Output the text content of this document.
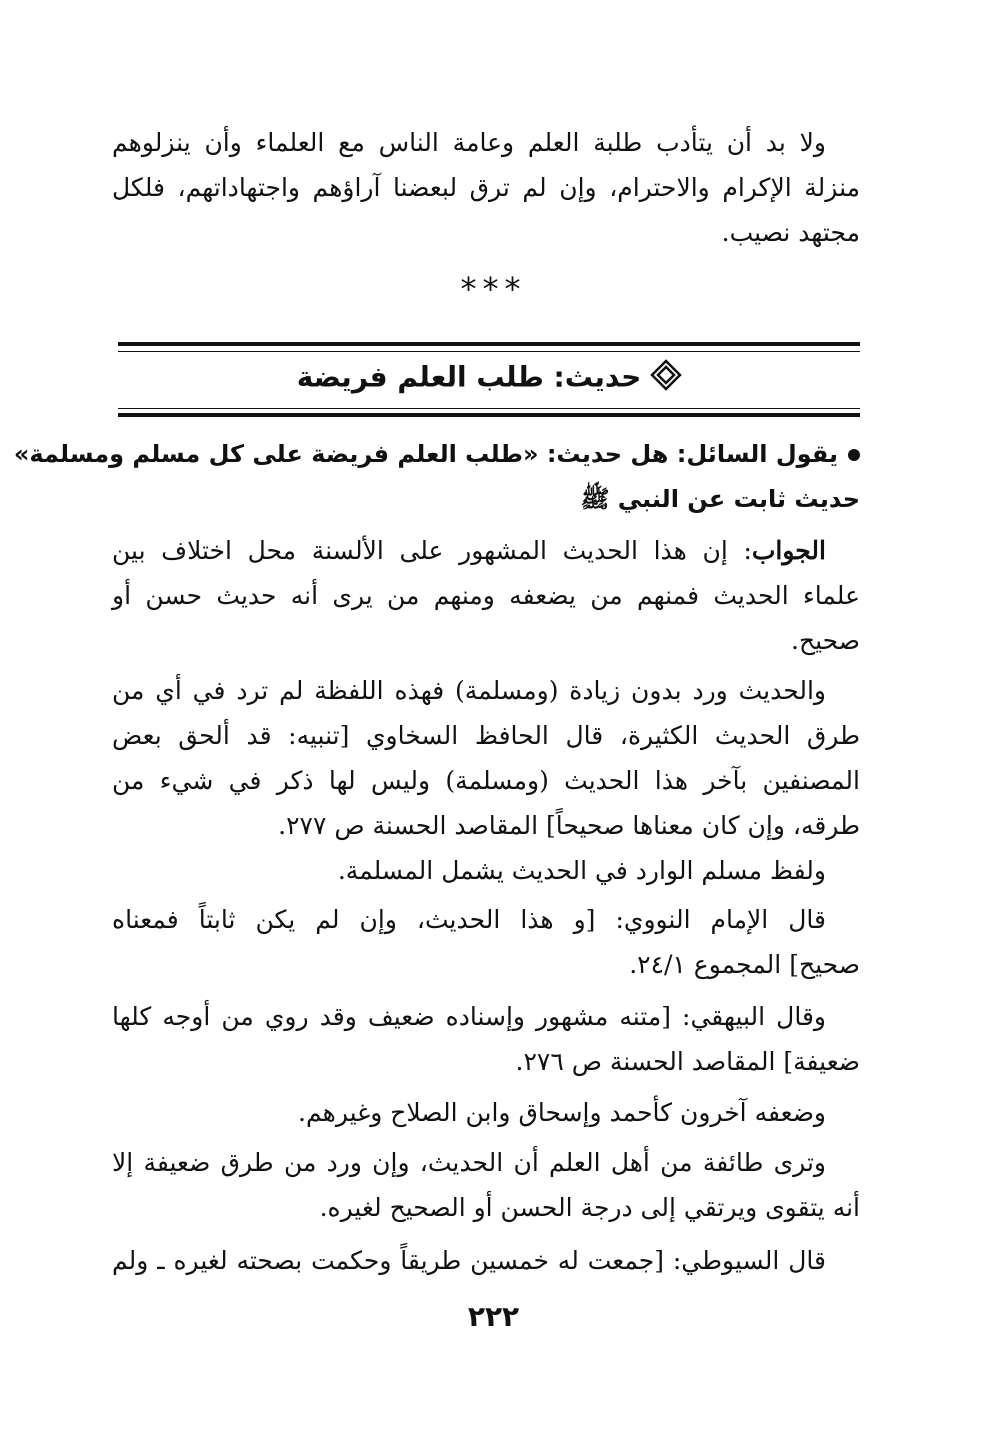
ولا بد أن يتأدب طلبة العلم وعامة الناس مع العلماء وأن ينزلوهم
منزلة الإكرام والاحترام، وإن لم ترق لبعضنا آراؤهم واجتهاداتهم، فلكل
مجتهد نصيب.
***
حديث: طلب العلم فريضة
يقول السائل: هل حديث: «طلب العلم فريضة على كل مسلم ومسلمة»
حديث ثابت عن النبي ﷺ
الجواب: إن هذا الحديث المشهور على الألسنة محل اختلاف بين
علماء الحديث فمنهم من يضعفه ومنهم من يرى أنه حديث حسن أو
صحيح.
والحديث ورد بدون زيادة (ومسلمة) فهذه اللفظة لم ترد في أي من
طرق الحديث الكثيرة، قال الحافظ السخاوي [تنبيه: قد ألحق بعض
المصنفين بآخر هذا الحديث (ومسلمة) وليس لها ذكر في شيء من
طرقه، وإن كان معناها صحيحاً] المقاصد الحسنة ص ٢٧٧.
ولفظ مسلم الوارد في الحديث يشمل المسلمة.
قال الإمام النووي: [و هذا الحديث، وإن لم يكن ثابتاً فمعناه
صحيح] المجموع ٢٤/١.
وقال البيهقي: [متنه مشهور وإسناده ضعيف وقد روي من أوجه كلها
ضعيفة] المقاصد الحسنة ص ٢٧٦.
وضعفه آخرون كأحمد وإسحاق وابن الصلاح وغيرهم.
وترى طائفة من أهل العلم أن الحديث، وإن ورد من طرق ضعيفة إلا
أنه يتقوى ويرتقي إلى درجة الحسن أو الصحيح لغيره.
قال السيوطي: [جمعت له خمسين طريقاً وحكمت بصحته لغيره ـ ولم
٢٢٢
